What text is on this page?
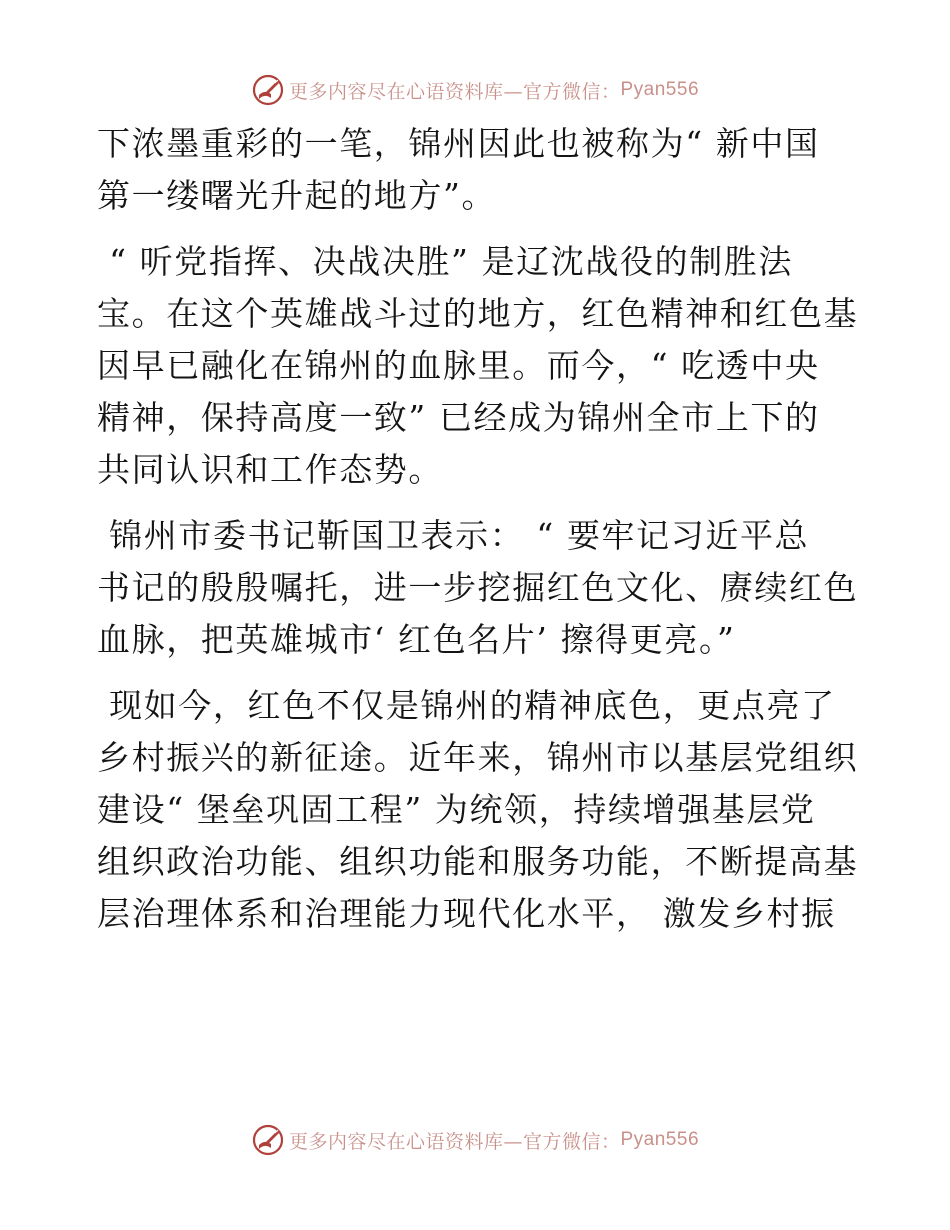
更多内容尽在心语资料库—官方微信： Pyan556
下浓墨重彩的一笔，锦州因此也被称为“ 新中国
第一缕曙光升起的地方”。
“ 听党指挥、决战决胜” 是辽沈战役的制胜法
宝。在这个英雄战斗过的地方，红色精神和红色基
因早已融化在锦州的血脉里。而今，“ 吃透中央
精神，保持高度一致” 已经成为锦州全市上下的
共同认识和工作态势。
锦州市委书记靳国卫表示： “ 要牢记习近平总
书记的殷殷嘱托，进一步挖掘红色文化、赓续红色
血脉，把英雄城市‘ 红色名片’ 擦得更亮。”
现如今，红色不仅是锦州的精神底色，更点亮了
乡村振兴的新征途。近年来，锦州市以基层党组织
建设“ 堡垒巩固工程” 为统领，持续增强基层党
组织政治功能、组织功能和服务功能，不断提高基
层治理体系和治理能力现代化水平， 激发乡村振
更多内容尽在心语资料库—官方微信： Pyan556
